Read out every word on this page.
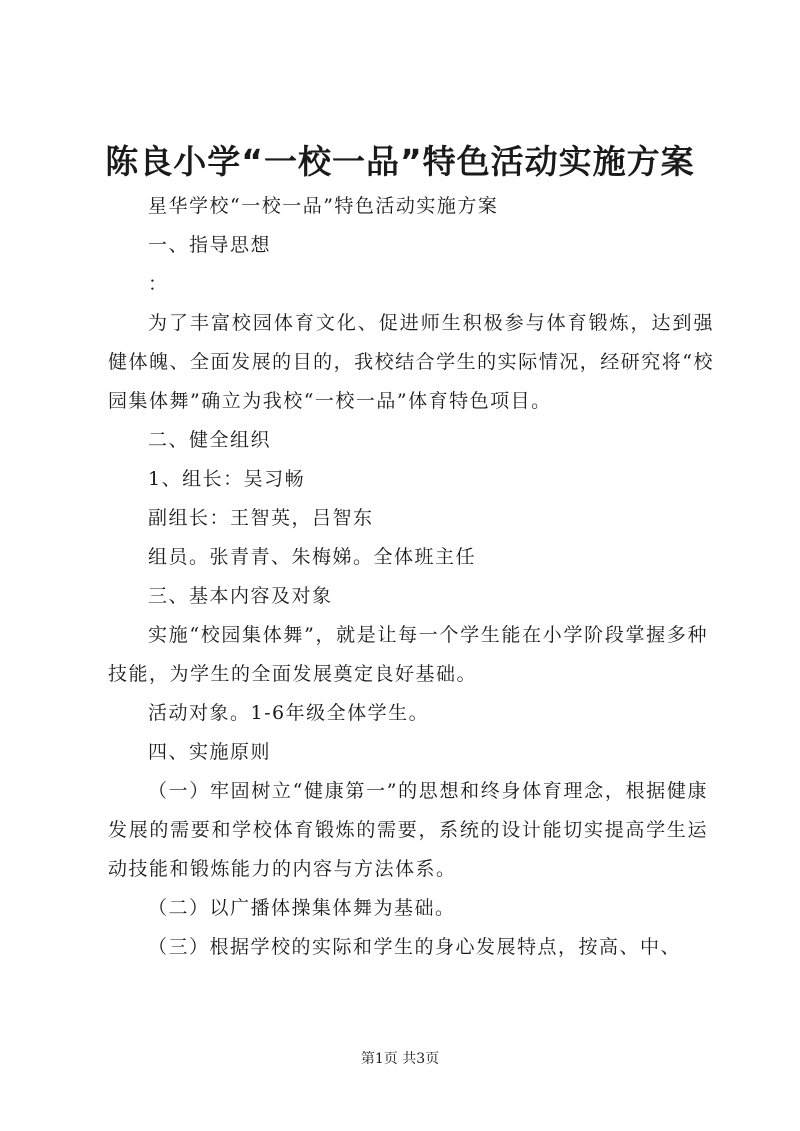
陈良小学“一校一品”特色活动实施方案

星华学校“一校一品”特色活动实施方案

一、指导思想

：

为了丰富校园体育文化、促进师生积极参与体育锻炼，达到强健体魄、全面发展的目的，我校结合学生的实际情况，经研究将“校园集体舞”确立为我校“一校一品”体育特色项目。

二、健全组织

1、组长：吴习畅

副组长：王智英，吕智东

组员。张青青、朱梅娣。全体班主任

三、基本内容及对象

实施“校园集体舞”，就是让每一个学生能在小学阶段掌握多种技能，为学生的全面发展奠定良好基础。

活动对象。1-6年级全体学生。

四、实施原则

（一）牢固树立“健康第一”的思想和终身体育理念，根据健康发展的需要和学校体育锻炼的需要，系统的设计能切实提高学生运动技能和锻炼能力的内容与方法体系。

（二）以广播体操集体舞为基础。

（三）根据学校的实际和学生的身心发展特点，按高、中、

第1页 共3页
